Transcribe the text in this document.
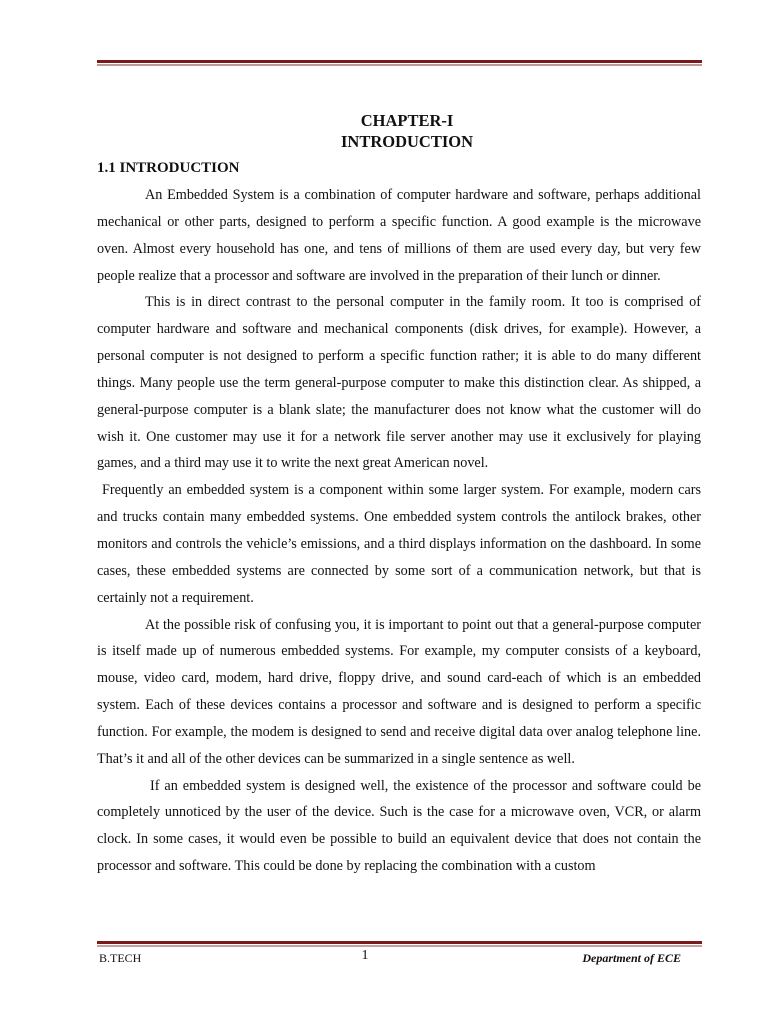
CHAPTER-I
INTRODUCTION
1.1 INTRODUCTION

An Embedded System is a combination of computer hardware and software, perhaps additional mechanical or other parts, designed to perform a specific function. A good example is the microwave oven. Almost every household has one, and tens of millions of them are used every day, but very few people realize that a processor and software are involved in the preparation of their lunch or dinner.

This is in direct contrast to the personal computer in the family room. It too is comprised of computer hardware and software and mechanical components (disk drives, for example). However, a personal computer is not designed to perform a specific function rather; it is able to do many different things. Many people use the term general-purpose computer to make this distinction clear. As shipped, a general-purpose computer is a blank slate; the manufacturer does not know what the customer will do wish it. One customer may use it for a network file server another may use it exclusively for playing games, and a third may use it to write the next great American novel.

Frequently an embedded system is a component within some larger system. For example, modern cars and trucks contain many embedded systems. One embedded system controls the antilock brakes, other monitors and controls the vehicle’s emissions, and a third displays information on the dashboard. In some cases, these embedded systems are connected by some sort of a communication network, but that is certainly not a requirement.

At the possible risk of confusing you, it is important to point out that a general-purpose computer is itself made up of numerous embedded systems. For example, my computer consists of a keyboard, mouse, video card, modem, hard drive, floppy drive, and sound card-each of which is an embedded system. Each of these devices contains a processor and software and is designed to perform a specific function. For example, the modem is designed to send and receive digital data over analog telephone line. That’s it and all of the other devices can be summarized in a single sentence as well.

If an embedded system is designed well, the existence of the processor and software could be completely unnoticed by the user of the device. Such is the case for a microwave oven, VCR, or alarm clock. In some cases, it would even be possible to build an equivalent device that does not contain the processor and software. This could be done by replacing the combination with a custom

B.TECH	1	Department of ECE
